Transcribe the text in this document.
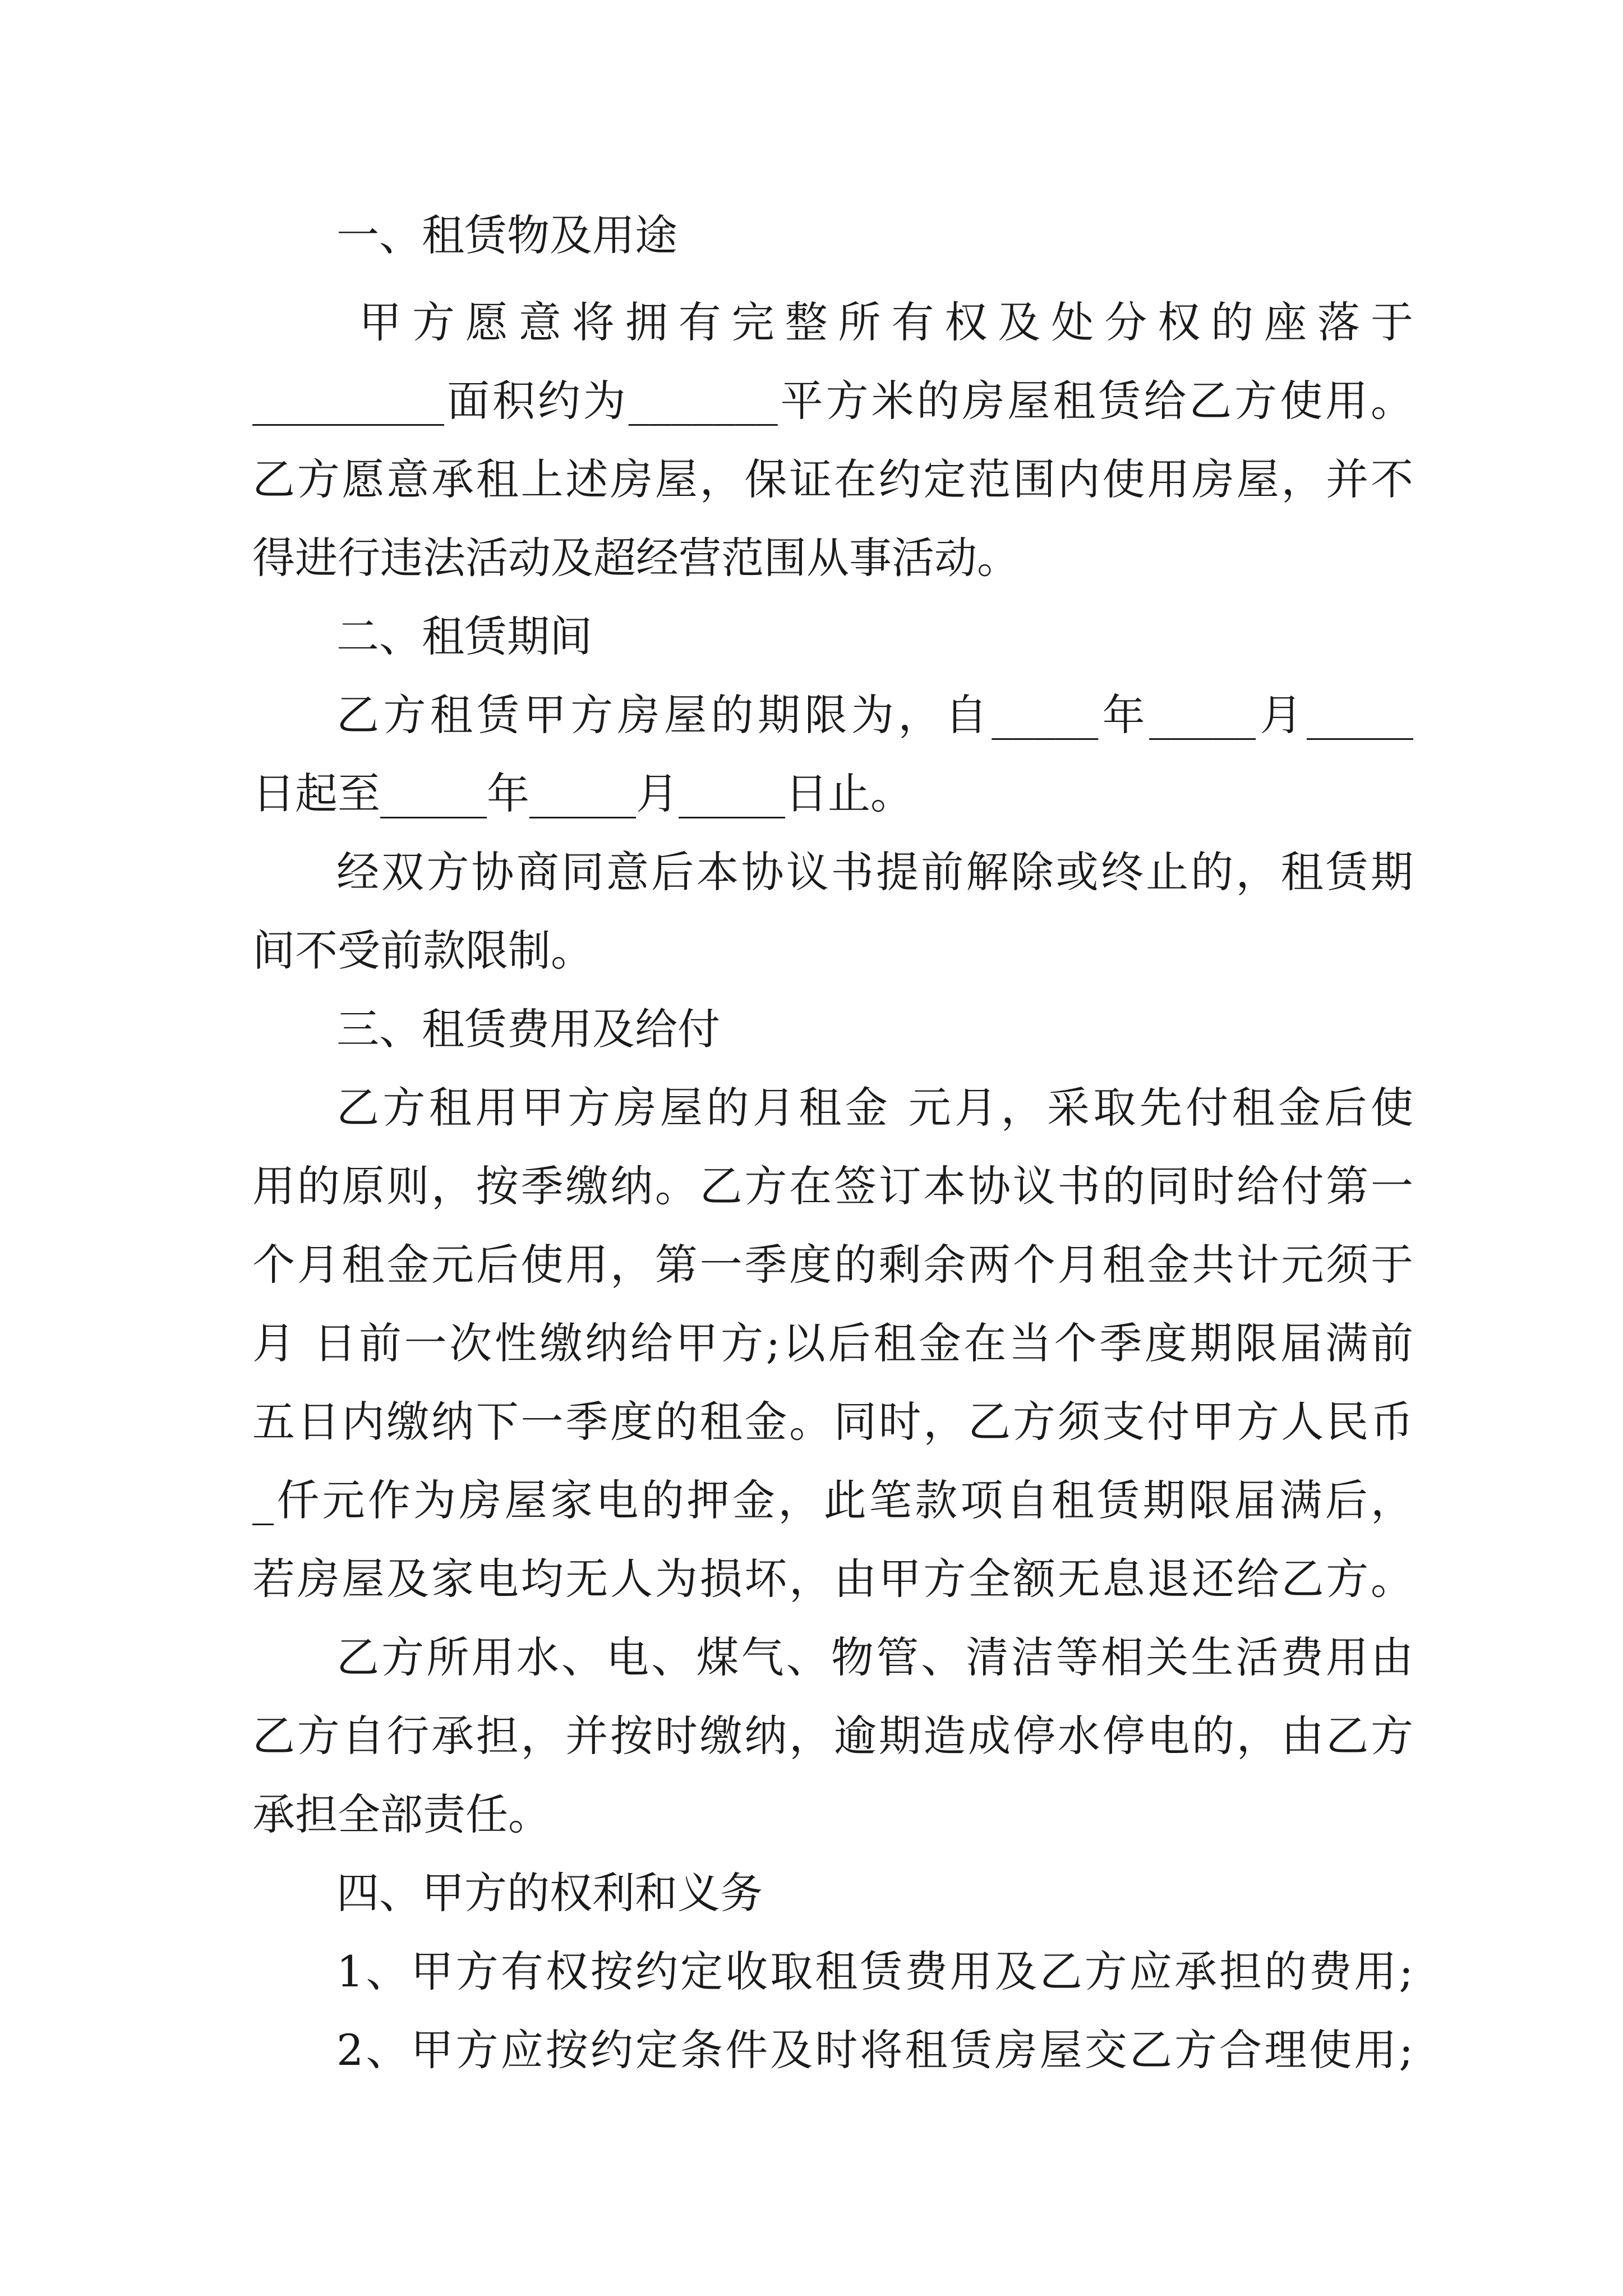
一、租赁物及用途
甲方愿意将拥有完整所有权及处分权的座落于
_________面积约为_______平方米的房屋租赁给乙方使用。
乙方愿意承租上述房屋，保证在约定范围内使用房屋，并不
得进行违法活动及超经营范围从事活动。
二、租赁期间
乙方租赁甲方房屋的期限为，自_____年_____月_____
日起至_____年_____月_____日止。
经双方协商同意后本协议书提前解除或终止的，租赁期
间不受前款限制。
三、租赁费用及给付
乙方租用甲方房屋的月租金 元月，采取先付租金后使
用的原则，按季缴纳。乙方在签订本协议书的同时给付第一
个月租金元后使用，第一季度的剩余两个月租金共计元须于
月 日前一次性缴纳给甲方;以后租金在当个季度期限届满前
五日内缴纳下一季度的租金。同时，乙方须支付甲方人民币
_仟元作为房屋家电的押金，此笔款项自租赁期限届满后，
若房屋及家电均无人为损坏，由甲方全额无息退还给乙方。
乙方所用水、电、煤气、物管、清洁等相关生活费用由
乙方自行承担，并按时缴纳，逾期造成停水停电的，由乙方
承担全部责任。
四、甲方的权利和义务
1、甲方有权按约定收取租赁费用及乙方应承担的费用;
2、甲方应按约定条件及时将租赁房屋交乙方合理使用;
